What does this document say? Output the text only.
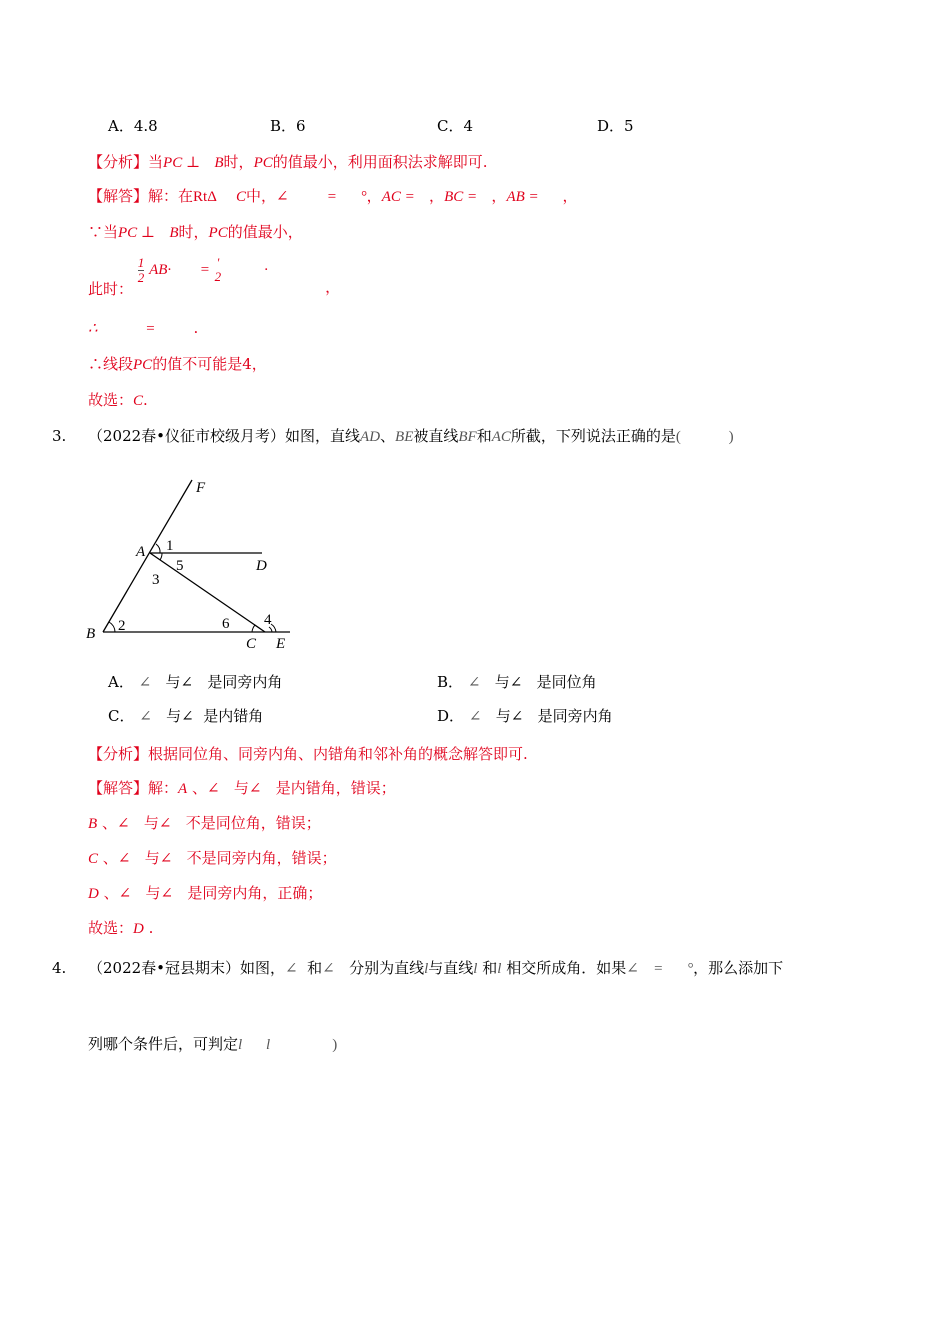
A．4.8	B．6	C．4	D．5
【分析】当PC ⊥ B时，PC的值最小，利用面积法求解即可.
【解答】解：在RtΔ C中，∠	= °，AC = ，BC = ，AB = ，
∵当PC ⊥ B时，PC的值最小，
此时：
$\frac{1}{2} AB\cdot$ = '
2	·            ，
∴	=	.
∴线段PC的值不可能是4，
故选：C.
3. （2022春•仪征市校级月考）如图，直线AD、BE被直线BF和AC所截，下列说法正确的是(	)
F
A
D
B
C E
1
5
3
2	6 4
A． ∠ 与∠ 是同旁内角	B． ∠ 与∠ 是同位角
C． ∠ 与∠ 是内错角	D． ∠ 与∠ 是同旁内角
【分析】根据同位角、同旁内角、内错角和邻补角的概念解答即可.
【解答】解：A 、∠ 与∠ 是内错角，错误；
B 、∠ 与∠ 不是同位角，错误；
C 、∠ 与∠ 不是同旁内角，错误；
D 、∠ 与∠ 是同旁内角，正确；
故选：D .
4. （2022春•冠县期末）如图，∠ 和∠ 分别为直线l与直线l 和l 相交所成角．如果∠ = °，那么添加下
列哪个条件后，可判定l l	)
